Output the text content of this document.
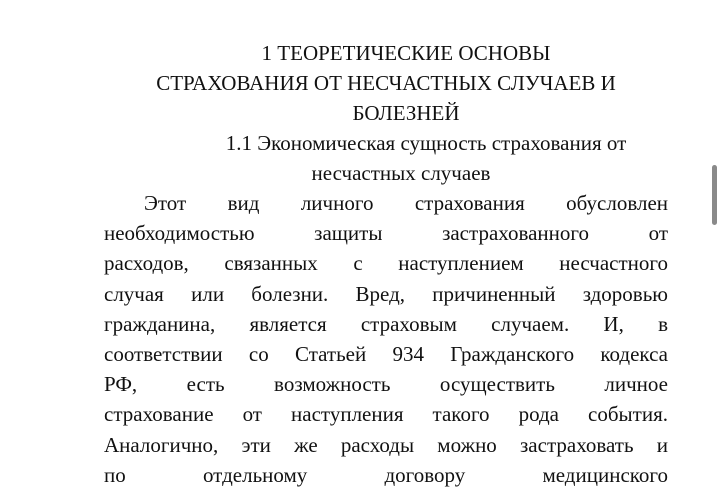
1 ТЕОРЕТИЧЕСКИЕ ОСНОВЫ
СТРАХОВАНИЯ ОТ НЕСЧАСТНЫХ СЛУЧАЕВ И
БОЛЕЗНЕЙ
1.1 Экономическая сущность страхования от
несчастных случаев
Этот вид личного страхования обусловлен
необходимостью защиты застрахованного от
расходов, связанных с наступлением несчастного
случая или болезни. Вред, причиненный здоровью
гражданина, является страховым случаем. И, в
соответствии со Статьей 934 Гражданского кодекса
РФ, есть возможность осуществить личное
страхование от наступления такого рода события.
Аналогично, эти же расходы можно застраховать и
по отдельному договору медицинского
